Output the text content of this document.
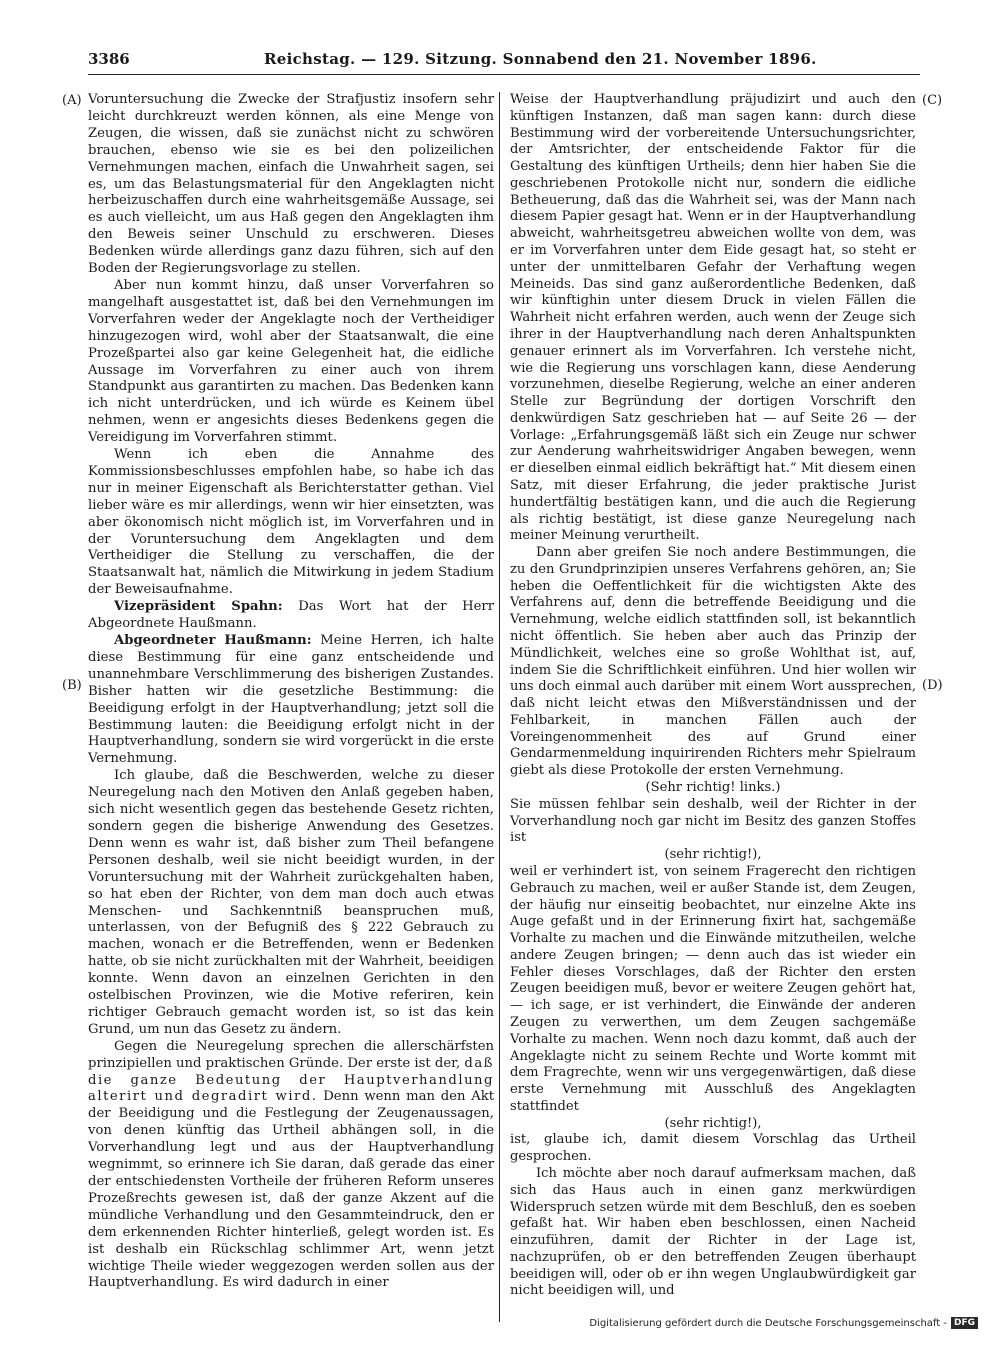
3386	Reichstag. — 129. Sitzung. Sonnabend den 21. November 1896.
(A)
(B)
(C)
(D)

Voruntersuchung die Zwecke der Strafjustiz insofern sehr leicht durchkreuzt werden können, als eine Menge von Zeugen, die wissen, daß sie zunächst nicht zu schwören brauchen, ebenso wie sie es bei den polizeilichen Vernehmungen machen, einfach die Unwahrheit sagen, sei es, um das Belastungsmaterial für den Angeklagten nicht herbeizuschaffen durch eine wahrheitsgemäße Aussage, sei es auch vielleicht, um aus Haß gegen den Angeklagten ihm den Beweis seiner Unschuld zu erschweren. Dieses Bedenken würde allerdings ganz dazu führen, sich auf den Boden der Regierungsvorlage zu stellen.

Aber nun kommt hinzu, daß unser Vorverfahren so mangelhaft ausgestattet ist, daß bei den Vernehmungen im Vorverfahren weder der Angeklagte noch der Vertheidiger hinzugezogen wird, wohl aber der Staatsanwalt, die eine Prozeßpartei also gar keine Gelegenheit hat, die eidliche Aussage im Vorverfahren zu einer auch von ihrem Standpunkt aus garantirten zu machen. Das Bedenken kann ich nicht unterdrücken, und ich würde es Keinem übel nehmen, wenn er angesichts dieses Bedenkens gegen die Vereidigung im Vorverfahren stimmt.

Wenn ich eben die Annahme des Kommissionsbeschlusses empfohlen habe, so habe ich das nur in meiner Eigenschaft als Berichterstatter gethan. Viel lieber wäre es mir allerdings, wenn wir hier einsetzten, was aber ökonomisch nicht möglich ist, im Vorverfahren und in der Voruntersuchung dem Angeklagten und dem Vertheidiger die Stellung zu verschaffen, die der Staatsanwalt hat, nämlich die Mitwirkung in jedem Stadium der Beweisaufnahme.

Vizepräsident Spahn: Das Wort hat der Herr Abgeordnete Haußmann.

Abgeordneter Haußmann: Meine Herren, ich halte diese Bestimmung für eine ganz entscheidende und unannehmbare Verschlimmerung des bisherigen Zustandes. Bisher hatten wir die gesetzliche Bestimmung: die Beeidigung erfolgt in der Hauptverhandlung; jetzt soll die Bestimmung lauten: die Beeidigung erfolgt nicht in der Hauptverhandlung, sondern sie wird vorgerückt in die erste Vernehmung.

Ich glaube, daß die Beschwerden, welche zu dieser Neuregelung nach den Motiven den Anlaß gegeben haben, sich nicht wesentlich gegen das bestehende Gesetz richten, sondern gegen die bisherige Anwendung des Gesetzes. Denn wenn es wahr ist, daß bisher zum Theil befangene Personen deshalb, weil sie nicht beeidigt wurden, in der Voruntersuchung mit der Wahrheit zurückgehalten haben, so hat eben der Richter, von dem man doch auch etwas Menschen- und Sachkenntniß beanspruchen muß, unterlassen, von der Befugniß des § 222 Gebrauch zu machen, wonach er die Betreffenden, wenn er Bedenken hatte, ob sie nicht zurückhalten mit der Wahrheit, beeidigen konnte. Wenn davon an einzelnen Gerichten in den ostelbischen Provinzen, wie die Motive referiren, kein richtiger Gebrauch gemacht worden ist, so ist das kein Grund, um nun das Gesetz zu ändern.

Gegen die Neuregelung sprechen die allerschärfsten prinzipiellen und praktischen Gründe. Der erste ist der, daß die ganze Bedeutung der Hauptverhandlung alterirt und degradirt wird. Denn wenn man den Akt der Beeidigung und die Festlegung der Zeugenaussagen, von denen künftig das Urtheil abhängen soll, in die Vorverhandlung legt und aus der Hauptverhandlung wegnimmt, so erinnere ich Sie daran, daß gerade das einer der entschiedensten Vortheile der früheren Reform unseres Prozeßrechts gewesen ist, daß der ganze Akzent auf die mündliche Verhandlung und den Gesammteindruck, den er dem erkennenden Richter hinterließ, gelegt worden ist. Es ist deshalb ein Rückschlag schlimmer Art, wenn jetzt wichtige Theile wieder weggezogen werden sollen aus der Hauptverhandlung. Es wird dadurch in einer

Weise der Hauptverhandlung präjudizirt und auch den künftigen Instanzen, daß man sagen kann: durch diese Bestimmung wird der vorbereitende Untersuchungsrichter, der Amtsrichter, der entscheidende Faktor für die Gestaltung des künftigen Urtheils; denn hier haben Sie die geschriebenen Protokolle nicht nur, sondern die eidliche Betheuerung, daß das die Wahrheit sei, was der Mann nach diesem Papier gesagt hat. Wenn er in der Hauptverhandlung abweicht, wahrheitsgetreu abweichen wollte von dem, was er im Vorverfahren unter dem Eide gesagt hat, so steht er unter der unmittelbaren Gefahr der Verhaftung wegen Meineids. Das sind ganz außerordentliche Bedenken, daß wir künftighin unter diesem Druck in vielen Fällen die Wahrheit nicht erfahren werden, auch wenn der Zeuge sich ihrer in der Hauptverhandlung nach deren Anhaltspunkten genauer erinnert als im Vorverfahren. Ich verstehe nicht, wie die Regierung uns vorschlagen kann, diese Aenderung vorzunehmen, dieselbe Regierung, welche an einer anderen Stelle zur Begründung der dortigen Vorschrift den denkwürdigen Satz geschrieben hat — auf Seite 26 — der Vorlage: „Erfahrungsgemäß läßt sich ein Zeuge nur schwer zur Aenderung wahrheitswidriger Angaben bewegen, wenn er dieselben einmal eidlich bekräftigt hat.“ Mit diesem einen Satz, mit dieser Erfahrung, die jeder praktische Jurist hundertfältig bestätigen kann, und die auch die Regierung als richtig bestätigt, ist diese ganze Neuregelung nach meiner Meinung verurtheilt.

Dann aber greifen Sie noch andere Bestimmungen, die zu den Grundprinzipien unseres Verfahrens gehören, an; Sie heben die Oeffentlichkeit für die wichtigsten Akte des Verfahrens auf, denn die betreffende Beeidigung und die Vernehmung, welche eidlich stattfinden soll, ist bekanntlich nicht öffentlich. Sie heben aber auch das Prinzip der Mündlichkeit, welches eine so große Wohlthat ist, auf, indem Sie die Schriftlichkeit einführen. Und hier wollen wir uns doch einmal auch darüber mit einem Wort aussprechen, daß nicht leicht etwas den Mißverständnissen und der Fehlbarkeit, in manchen Fällen auch der Voreingenommenheit des auf Grund einer Gendarmenmeldung inquirirenden Richters mehr Spielraum giebt als diese Protokolle der ersten Vernehmung.

(Sehr richtig! links.)

Sie müssen fehlbar sein deshalb, weil der Richter in der Vorverhandlung noch gar nicht im Besitz des ganzen Stoffes ist

(sehr richtig!),

weil er verhindert ist, von seinem Fragerecht den richtigen Gebrauch zu machen, weil er außer Stande ist, dem Zeugen, der häufig nur einseitig beobachtet, nur einzelne Akte ins Auge gefaßt und in der Erinnerung fixirt hat, sachgemäße Vorhalte zu machen und die Einwände mitzutheilen, welche andere Zeugen bringen; — denn auch das ist wieder ein Fehler dieses Vorschlages, daß der Richter den ersten Zeugen beeidigen muß, bevor er weitere Zeugen gehört hat, — ich sage, er ist verhindert, die Einwände der anderen Zeugen zu verwerthen, um dem Zeugen sachgemäße Vorhalte zu machen. Wenn noch dazu kommt, daß auch der Angeklagte nicht zu seinem Rechte und Worte kommt mit dem Fragrechte, wenn wir uns vergegenwärtigen, daß diese erste Vernehmung mit Ausschluß des Angeklagten stattfindet

(sehr richtig!),

ist, glaube ich, damit diesem Vorschlag das Urtheil gesprochen.

Ich möchte aber noch darauf aufmerksam machen, daß sich das Haus auch in einen ganz merkwürdigen Widerspruch setzen würde mit dem Beschluß, den es soeben gefaßt hat. Wir haben eben beschlossen, einen Nacheid einzuführen, damit der Richter in der Lage ist, nachzuprüfen, ob er den betreffenden Zeugen überhaupt beeidigen will, oder ob er ihn wegen Unglaubwürdigkeit gar nicht beeidigen will, und

Digitalisierung gefördert durch die Deutsche Forschungsgemeinschaft - DFG
